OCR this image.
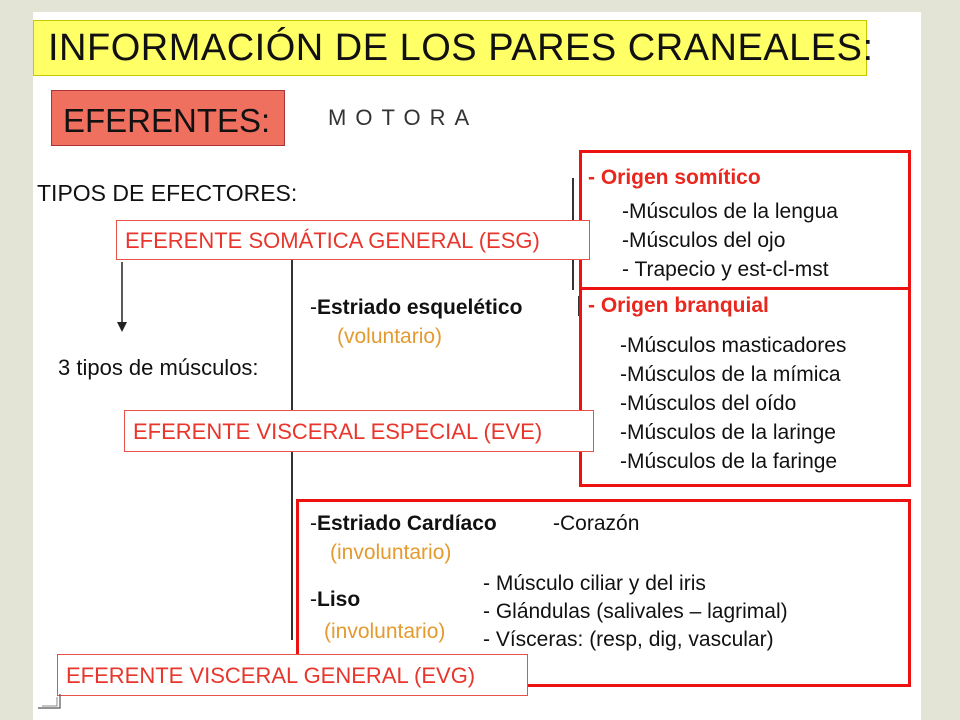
INFORMACIÓN DE LOS PARES CRANEALES:
EFERENTES:	MOTORA
TIPOS DE EFECTORES:
3 tipos de músculos:
EFERENTE SOMÁTICA GENERAL (ESG)
EFERENTE VISCERAL ESPECIAL (EVE)
EFERENTE VISCERAL GENERAL (EVG)
-Estriado esquelético
(voluntario)
- Origen somítico
-Músculos de la lengua
-Músculos del ojo
- Trapecio y est-cl-mst
- Origen branquial
-Músculos masticadores
-Músculos de la mímica
-Músculos del oído
-Músculos de la laringe
-Músculos de la faringe
-Estriado Cardíaco	-Corazón
(involuntario)
-Liso
(involuntario)
- Músculo ciliar y del iris
- Glándulas (salivales – lagrimal)
- Vísceras: (resp, dig, vascular)
